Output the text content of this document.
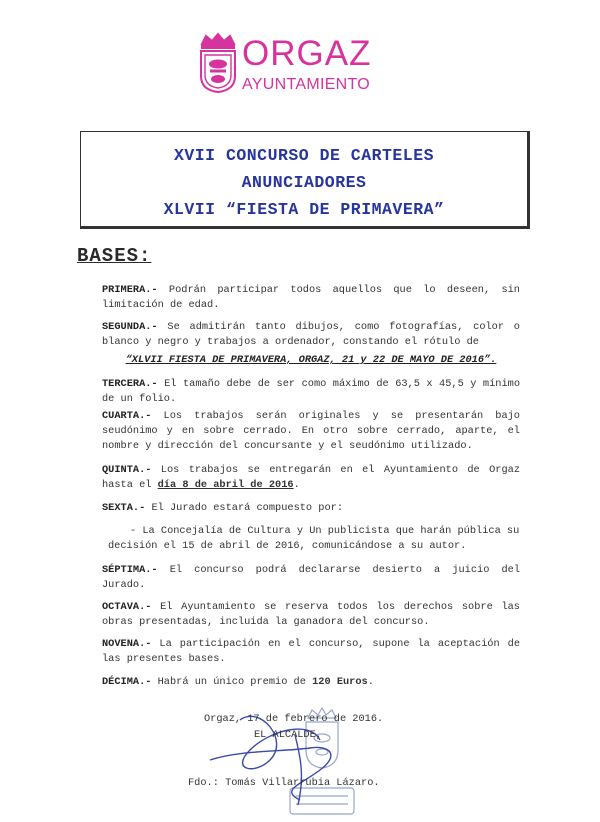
ORGAZ
AYUNTAMIENTO
XVII CONCURSO DE CARTELES
ANUNCIADORES
XLVII “FIESTA DE PRIMAVERA”
BASES:
PRIMERA.- Podrán participar todos aquellos que lo deseen, sin limitación de edad.
SEGUNDA.- Se admitirán tanto dibujos, como fotografías, color o blanco y negro y trabajos a ordenador, constando el rótulo de
“XLVII FIESTA DE PRIMAVERA, ORGAZ, 21 y 22 DE MAYO DE 2016”.
TERCERA.- El tamaño debe de ser como máximo de 63,5 x 45,5 y mínimo de un folio.
CUARTA.- Los trabajos serán originales y se presentarán bajo seudónimo y en sobre cerrado. En otro sobre cerrado, aparte, el nombre y dirección del concursante y el seudónimo utilizado.
QUINTA.- Los trabajos se entregarán en el Ayuntamiento de Orgaz hasta el día 8 de abril de 2016.
SEXTA.- El Jurado estará compuesto por:
- La Concejalía de Cultura y Un publicista que harán pública su decisión el 15 de abril de 2016, comunicándose a su autor.
SÉPTIMA.- El concurso podrá declararse desierto a juicio del Jurado.
OCTAVA.- El Ayuntamiento se reserva todos los derechos sobre las obras presentadas, incluida la ganadora del concurso.
NOVENA.- La participación en el concurso, supone la aceptación de las presentes bases.
DÉCIMA.- Habrá un único premio de 120 Euros.
Orgaz, 17 de febrero de 2016.
EL ALCALDE,
Fdo.: Tomás Villarrubia Lázaro.
